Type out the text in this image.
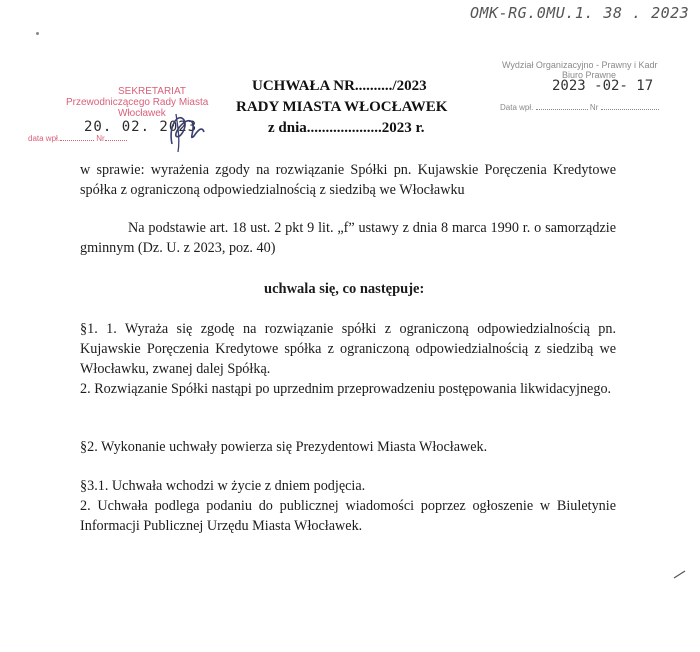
OMK-RG.0MU.1. 38 . 2023
SEKRETARIAT
Przewodniczącego Rady Miasta
Włocławek
data wpł.	Nr
20. 02. 2023
Wydział Organizacyjno - Prawny i Kadr
Biuro Prawne
Data wpł.	Nr
2023 -02- 17
UCHWAŁA NR........../2023
RADY MIASTA WŁOCŁAWEK
z dnia....................2023 r.
w sprawie: wyrażenia zgody na rozwiązanie Spółki pn. Kujawskie Poręczenia Kredytowe spółka z ograniczoną odpowiedzialnością z siedzibą we Włocławku
Na podstawie art. 18 ust. 2 pkt 9 lit. „f” ustawy z dnia 8 marca 1990 r. o samorządzie gminnym (Dz. U. z 2023, poz. 40)
uchwala się, co następuje:
§1. 1. Wyraża się zgodę na rozwiązanie spółki z ograniczoną odpowiedzialnością pn. Kujawskie Poręczenia Kredytowe spółka z ograniczoną odpowiedzialnością z siedzibą we Włocławku, zwanej dalej Spółką.
2. Rozwiązanie Spółki nastąpi po uprzednim przeprowadzeniu postępowania likwidacyjnego.
§2. Wykonanie uchwały powierza się Prezydentowi Miasta Włocławek.
§3.1. Uchwała wchodzi w życie z dniem podjęcia.
2. Uchwała podlega podaniu do publicznej wiadomości poprzez ogłoszenie w Biuletynie Informacji Publicznej Urzędu Miasta Włocławek.
